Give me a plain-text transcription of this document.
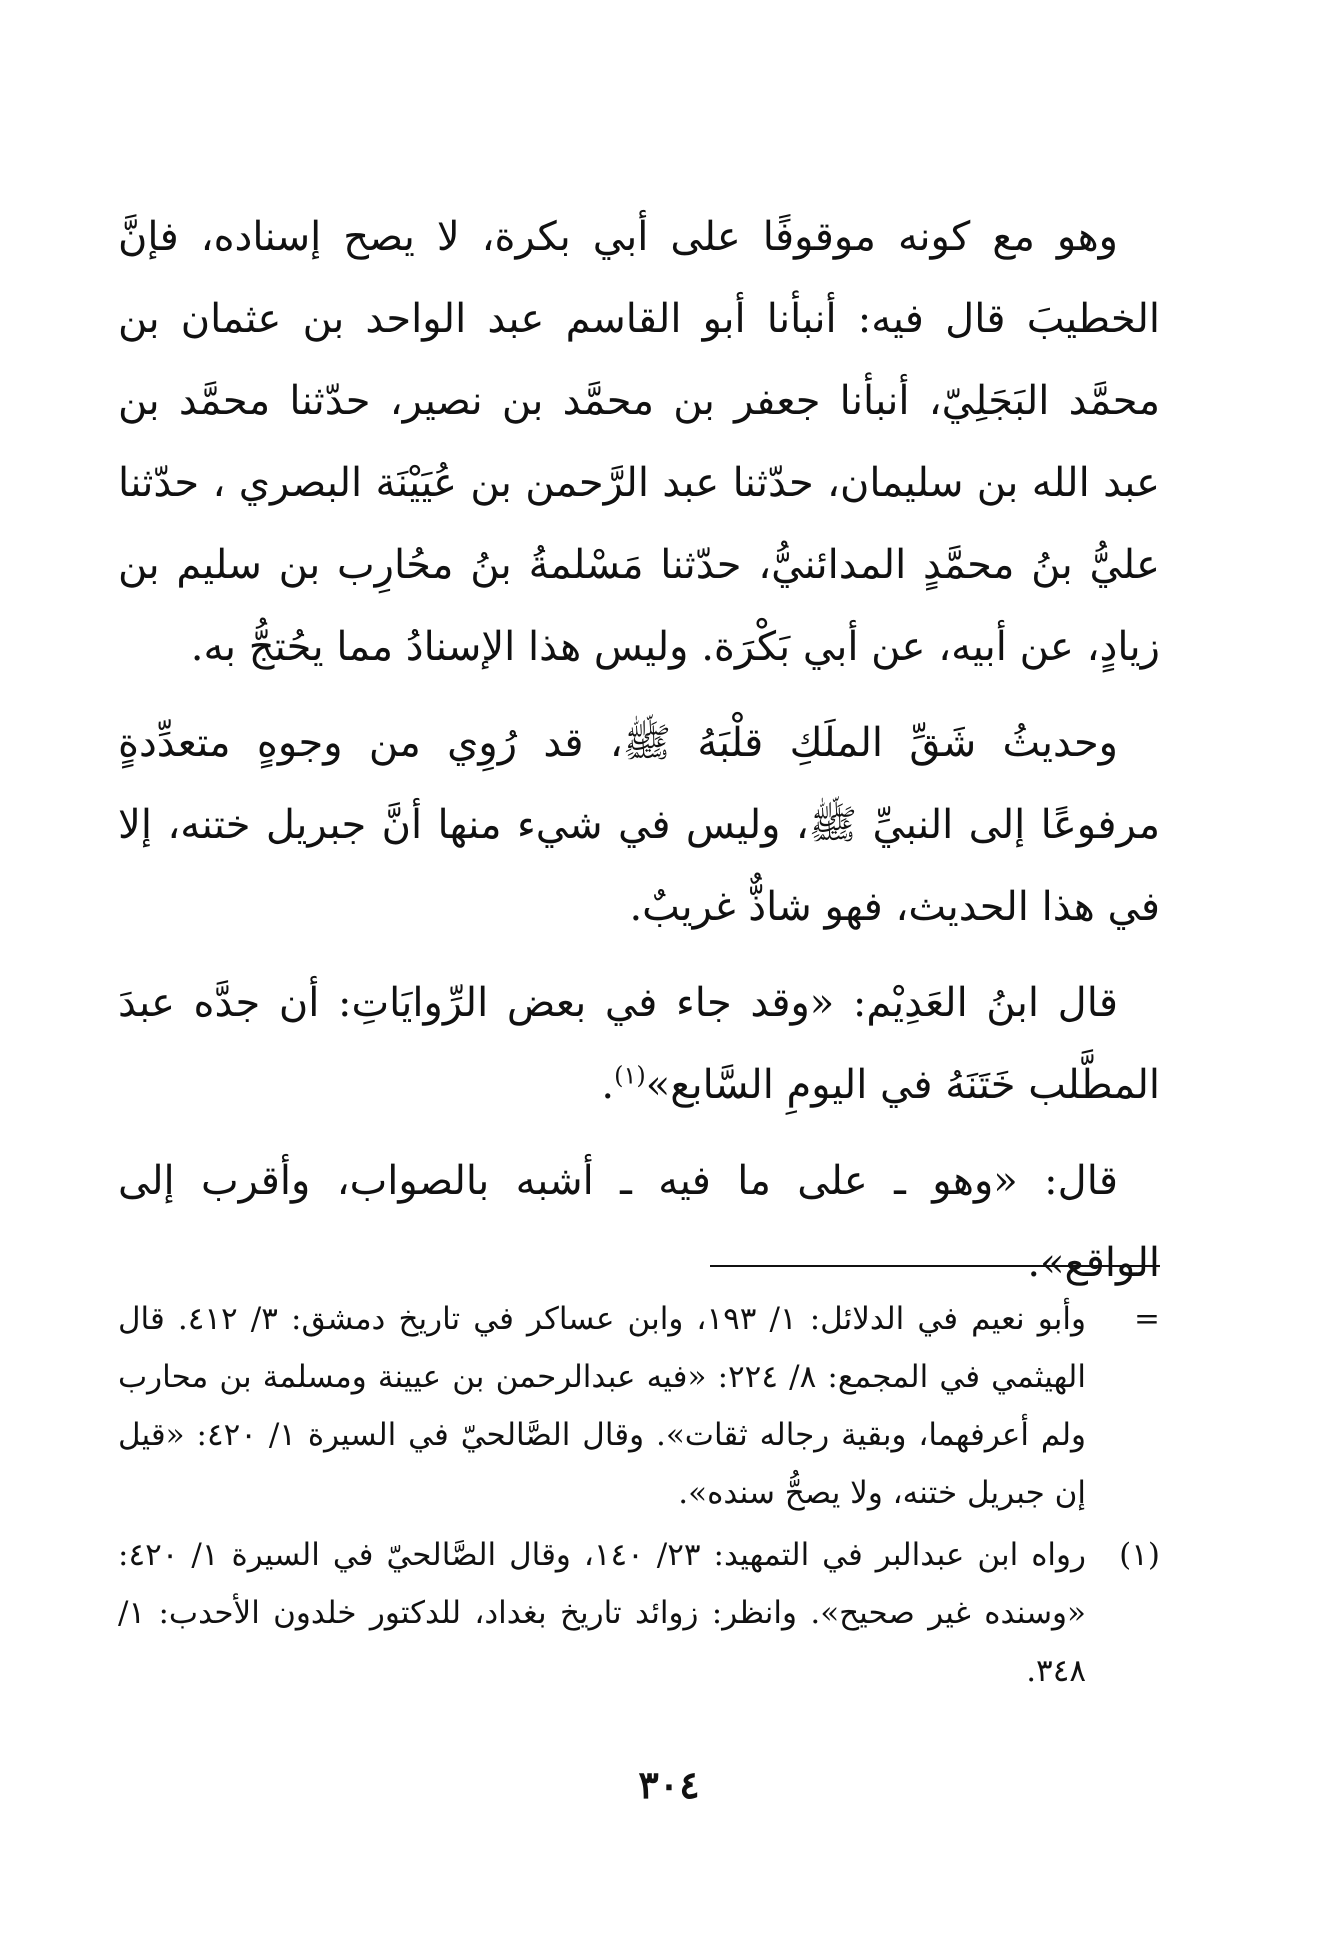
وهو مع كونه موقوفًا على أبي بكرة، لا يصح إسناده، فإنَّ الخطيبَ قال فيه: أنبأنا أبو القاسم عبد الواحد بن عثمان بن محمَّد البَجَلِيّ، أنبأنا جعفر بن محمَّد بن نصير، حدّثنا محمَّد بن عبد الله بن سليمان، حدّثنا عبد الرَّحمن بن عُيَيْنَة البصري ، حدّثنا عليُّ بنُ محمَّدٍ المدائنيُّ، حدّثنا مَسْلمةُ بنُ محُارِب بن سليم بن زيادٍ، عن أبيه، عن أبي بَكْرَة. وليس هذا الإسنادُ مما يحُتجُّ به.

وحديثُ شَقِّ الملَكِ قلْبَهُ ﷺ، قد رُوِي من وجوهٍ متعدِّدةٍ مرفوعًا إلى النبيِّ ﷺ، وليس في شيء منها أنَّ جبريل ختنه، إلا في هذا الحديث، فهو شاذٌّ غريبٌ.

قال ابنُ العَدِيْم: «وقد جاء في بعض الرِّوايَاتِ: أن جدَّه عبدَ المطَّلب خَتَنَهُ في اليومِ السَّابع»$^{(١)}$.

قال: «وهو ـ على ما فيه ـ أشبه بالصواب، وأقرب إلى الواقع».

=
وأبو نعيم في الدلائل: ١/ ١٩٣، وابن عساكر في تاريخ دمشق: ٣/ ٤١٢. قال الهيثمي في المجمع: ٨/ ٢٢٤: «فيه عبدالرحمن بن عيينة ومسلمة بن محارب ولم أعرفهما، وبقية رجاله ثقات». وقال الصَّالحيّ في السيرة ١/ ٤٢٠: «قيل إن جبريل ختنه، ولا يصحُّ سنده».

(١)
رواه ابن عبدالبر في التمهيد: ٢٣/ ١٤٠، وقال الصَّالحيّ في السيرة ١/ ٤٢٠: «وسنده غير صحيح». وانظر: زوائد تاريخ بغداد، للدكتور خلدون الأحدب: ١/ ٣٤٨.

٣٠٤
